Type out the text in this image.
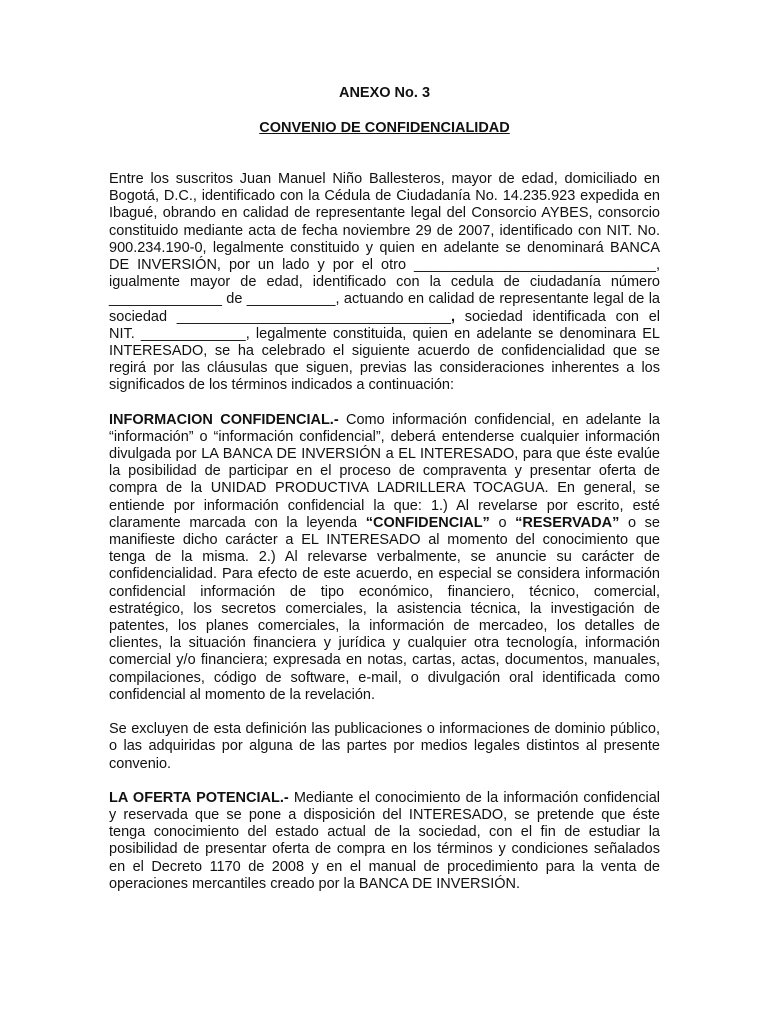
ANEXO No. 3

CONVENIO DE CONFIDENCIALIDAD

Entre los suscritos Juan Manuel Niño Ballesteros, mayor de edad, domiciliado en Bogotá, D.C., identificado con la Cédula de Ciudadanía No. 14.235.923 expedida en Ibagué, obrando en calidad de representante legal del Consorcio AYBES, consorcio constituido mediante acta de fecha noviembre 29 de 2007, identificado con NIT. No. 900.234.190-0, legalmente constituido y quien en adelante se denominará BANCA DE INVERSIÓN, por un lado y por el otro ______________________________, igualmente mayor de edad, identificado con la cedula de ciudadanía número ______________ de ___________, actuando en calidad de representante legal de la sociedad __________________________________, sociedad identificada con el NIT. _____________, legalmente constituida, quien en adelante se denominara EL INTERESADO, se ha celebrado el siguiente acuerdo de confidencialidad que se regirá por las cláusulas que siguen, previas las consideraciones inherentes a los significados de los términos indicados a continuación:

INFORMACION CONFIDENCIAL.- Como información confidencial, en adelante la “información” o “información confidencial”, deberá entenderse cualquier información divulgada por LA BANCA DE INVERSIÓN a EL INTERESADO, para que éste evalúe la posibilidad de participar en el proceso de compraventa y presentar oferta de compra de la UNIDAD PRODUCTIVA LADRILLERA TOCAGUA. En general, se entiende por información confidencial la que: 1.) Al revelarse por escrito, esté claramente marcada con la leyenda “CONFIDENCIAL” o “RESERVADA” o se manifieste dicho carácter a EL INTERESADO al momento del conocimiento que tenga de la misma. 2.) Al relevarse verbalmente, se anuncie su carácter de confidencialidad. Para efecto de este acuerdo, en especial se considera información confidencial información de tipo económico, financiero, técnico, comercial, estratégico, los secretos comerciales, la asistencia técnica, la investigación de patentes, los planes comerciales, la información de mercadeo, los detalles de clientes, la situación financiera y jurídica y cualquier otra tecnología, información comercial y/o financiera; expresada en notas, cartas, actas, documentos, manuales, compilaciones, código de software, e-mail, o divulgación oral identificada como confidencial al momento de la revelación.

Se excluyen de esta definición las publicaciones o informaciones de dominio público, o las adquiridas por alguna de las partes por medios legales distintos al presente convenio.

LA OFERTA POTENCIAL.- Mediante el conocimiento de la información confidencial y reservada que se pone a disposición del INTERESADO, se pretende que éste tenga conocimiento del estado actual de la sociedad, con el fin de estudiar la posibilidad de presentar oferta de compra en los términos y condiciones señalados en el Decreto 1170 de 2008 y en el manual de procedimiento para la venta de operaciones mercantiles creado por la BANCA DE INVERSIÓN.
